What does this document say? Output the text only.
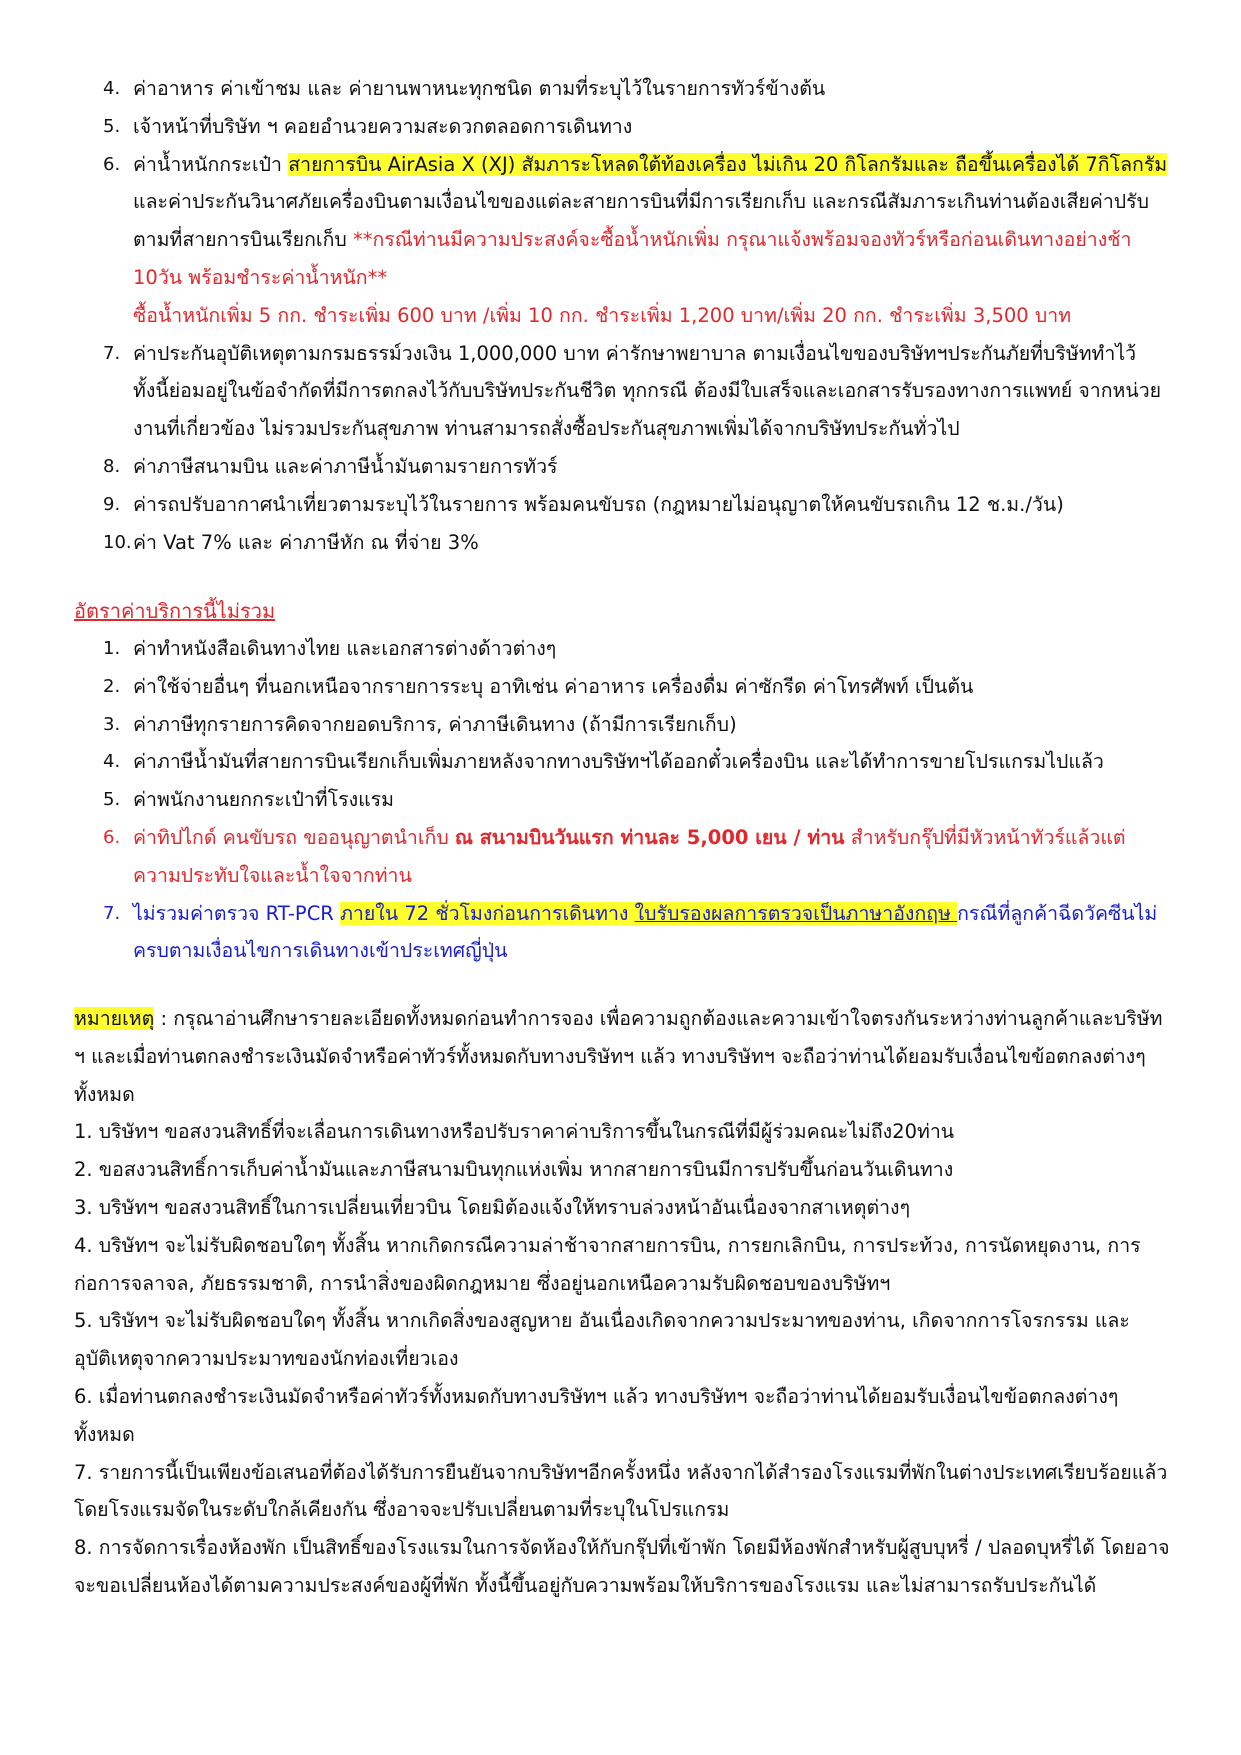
4. ค่าอาหาร ค่าเข้าชม และ ค่ายานพาหนะทุกชนิด ตามที่ระบุไว้ในรายการทัวร์ข้างต้น
5. เจ้าหน้าที่บริษัท ฯ คอยอำนวยความสะดวกตลอดการเดินทาง
6. ค่าน้ำหนักกระเป๋า สายการบิน AirAsia X (XJ) สัมภาระโหลดใต้ท้องเครื่อง ไม่เกิน 20 กิโลกรัมและ ถือขึ้นเครื่องได้ 7กิโลกรัม และค่าประกันวินาศภัยเครื่องบินตามเงื่อนไขของแต่ละสายการบินที่มีการเรียกเก็บ และกรณีสัมภาระเกินท่านต้องเสียค่าปรับตามที่สายการบินเรียกเก็บ **กรณีท่านมีความประสงค์จะซื้อน้ำหนักเพิ่ม กรุณาแจ้งพร้อมจองทัวร์หรือก่อนเดินทางอย่างช้า 10วัน พร้อมชำระค่าน้ำหนัก**
ซื้อน้ำหนักเพิ่ม 5 กก. ชำระเพิ่ม 600 บาท /เพิ่ม 10 กก. ชำระเพิ่ม 1,200 บาท/เพิ่ม 20 กก. ชำระเพิ่ม 3,500 บาท
7. ค่าประกันอุบัติเหตุตามกรมธรรม์วงเงิน 1,000,000 บาท ค่ารักษาพยาบาล ตามเงื่อนไขของบริษัทฯประกันภัยที่บริษัททำไว้ ทั้งนี้ย่อมอยู่ในข้อจำกัดที่มีการตกลงไว้กับบริษัทประกันชีวิต ทุกกรณี ต้องมีใบเสร็จและเอกสารรับรองทางการแพทย์ จากหน่วยงานที่เกี่ยวข้อง ไม่รวมประกันสุขภาพ ท่านสามารถสั่งซื้อประกันสุขภาพเพิ่มได้จากบริษัทประกันทั่วไป
8. ค่าภาษีสนามบิน และค่าภาษีน้ำมันตามรายการทัวร์
9. ค่ารถปรับอากาศนำเที่ยวตามระบุไว้ในรายการ พร้อมคนขับรถ (กฎหมายไม่อนุญาตให้คนขับรถเกิน 12 ช.ม./วัน)
10. ค่า Vat 7% และ ค่าภาษีหัก ณ ที่จ่าย 3%
อัตราค่าบริการนี้ไม่รวม
1. ค่าทำหนังสือเดินทางไทย และเอกสารต่างด้าวต่างๆ
2. ค่าใช้จ่ายอื่นๆ ที่นอกเหนือจากรายการระบุ อาทิเช่น ค่าอาหาร เครื่องดื่ม ค่าซักรีด ค่าโทรศัพท์ เป็นต้น
3. ค่าภาษีทุกรายการคิดจากยอดบริการ, ค่าภาษีเดินทาง (ถ้ามีการเรียกเก็บ)
4. ค่าภาษีน้ำมันที่สายการบินเรียกเก็บเพิ่มภายหลังจากทางบริษัทฯได้ออกตั๋วเครื่องบิน และได้ทำการขายโปรแกรมไปแล้ว
5. ค่าพนักงานยกกระเป๋าที่โรงแรม
6. ค่าทิปไกด์ คนขับรถ ขออนุญาตนำเก็บ ณ สนามบินวันแรก ท่านละ 5,000 เยน / ท่าน สำหรับกรุ๊ปที่มีหัวหน้าทัวร์แล้วแต่ความประทับใจและน้ำใจจากท่าน
7. ไม่รวมค่าตรวจ RT-PCR ภายใน 72 ชั่วโมงก่อนการเดินทาง ใบรับรองผลการตรวจเป็นภาษาอังกฤษ กรณีที่ลูกค้าฉีดวัคซีนไม่ครบตามเงื่อนไขการเดินทางเข้าประเทศญี่ปุ่น

หมายเหตุ : กรุณาอ่านศึกษารายละเอียดทั้งหมดก่อนทำการจอง เพื่อความถูกต้องและความเข้าใจตรงกันระหว่างท่านลูกค้าและบริษัท ฯ และเมื่อท่านตกลงชำระเงินมัดจำหรือค่าทัวร์ทั้งหมดกับทางบริษัทฯ แล้ว ทางบริษัทฯ จะถือว่าท่านได้ยอมรับเงื่อนไขข้อตกลงต่างๆ ทั้งหมด

1. บริษัทฯ ขอสงวนสิทธิ์ที่จะเลื่อนการเดินทางหรือปรับราคาค่าบริการขึ้นในกรณีที่มีผู้ร่วมคณะไม่ถึง20ท่าน

2. ขอสงวนสิทธิ์การเก็บค่าน้ำมันและภาษีสนามบินทุกแห่งเพิ่ม หากสายการบินมีการปรับขึ้นก่อนวันเดินทาง

3. บริษัทฯ ขอสงวนสิทธิ์ในการเปลี่ยนเที่ยวบิน โดยมิต้องแจ้งให้ทราบล่วงหน้าอันเนื่องจากสาเหตุต่างๆ

4. บริษัทฯ จะไม่รับผิดชอบใดๆ ทั้งสิ้น หากเกิดกรณีความล่าช้าจากสายการบิน, การยกเลิกบิน, การประท้วง, การนัดหยุดงาน, การก่อการจลาจล, ภัยธรรมชาติ, การนำสิ่งของผิดกฎหมาย ซึ่งอยู่นอกเหนือความรับผิดชอบของบริษัทฯ

5. บริษัทฯ จะไม่รับผิดชอบใดๆ ทั้งสิ้น หากเกิดสิ่งของสูญหาย อันเนื่องเกิดจากความประมาทของท่าน, เกิดจากการโจรกรรม และอุบัติเหตุจากความประมาทของนักท่องเที่ยวเอง

6. เมื่อท่านตกลงชำระเงินมัดจำหรือค่าทัวร์ทั้งหมดกับทางบริษัทฯ แล้ว ทางบริษัทฯ จะถือว่าท่านได้ยอมรับเงื่อนไขข้อตกลงต่างๆ ทั้งหมด

7. รายการนี้เป็นเพียงข้อเสนอที่ต้องได้รับการยืนยันจากบริษัทฯอีกครั้งหนึ่ง หลังจากได้สำรองโรงแรมที่พักในต่างประเทศเรียบร้อยแล้ว โดยโรงแรมจัดในระดับใกล้เคียงกัน ซึ่งอาจจะปรับเปลี่ยนตามที่ระบุในโปรแกรม

8. การจัดการเรื่องห้องพัก เป็นสิทธิ์ของโรงแรมในการจัดห้องให้กับกรุ๊ปที่เข้าพัก โดยมีห้องพักสำหรับผู้สูบบุหรี่ / ปลอดบุหรี่ได้ โดยอาจจะขอเปลี่ยนห้องได้ตามความประสงค์ของผู้ที่พัก ทั้งนี้ขึ้นอยู่กับความพร้อมให้บริการของโรงแรม และไม่สามารถรับประกันได้
